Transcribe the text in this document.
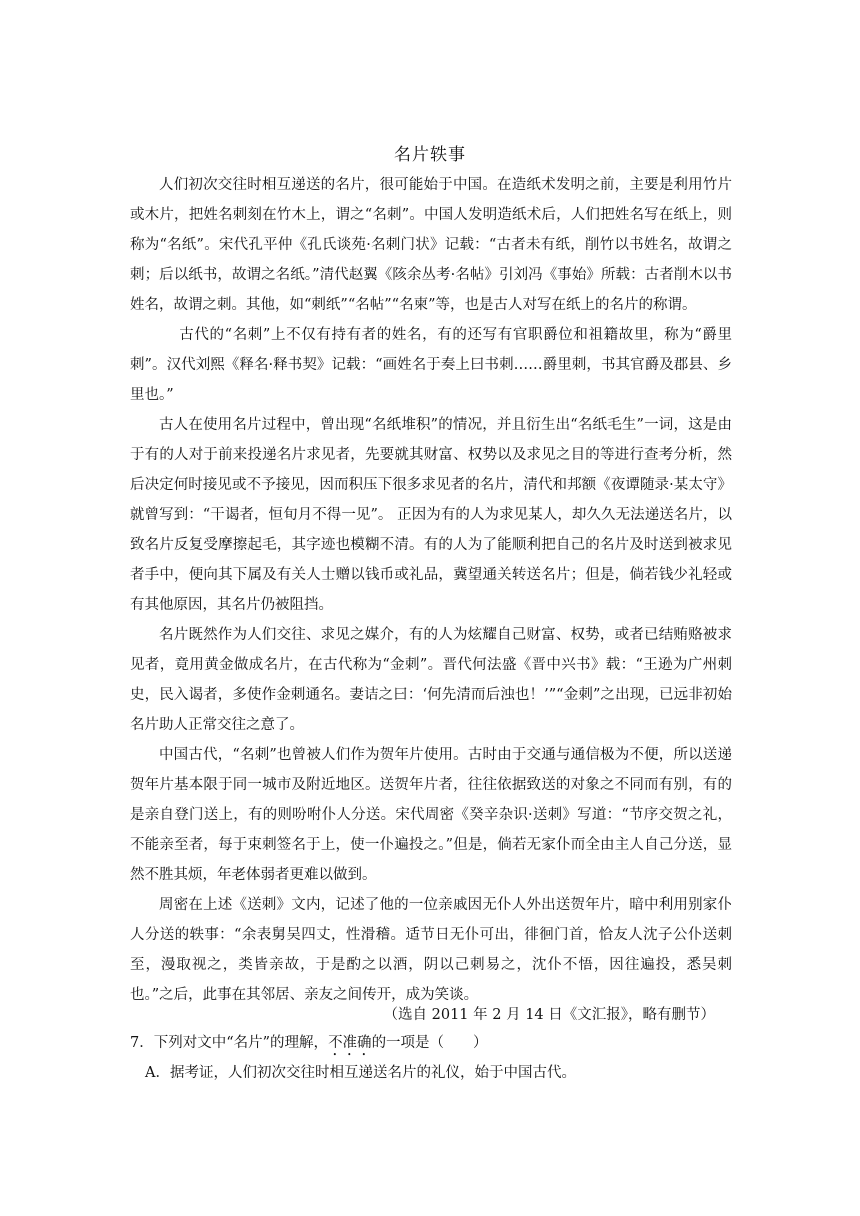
名片轶事

人们初次交往时相互递送的名片，很可能始于中国。在造纸术发明之前，主要是利用竹片或木片，把姓名刺刻在竹木上，谓之“名刺”。中国人发明造纸术后，人们把姓名写在纸上，则称为“名纸”。宋代孔平仲《孔氏谈苑·名刺门状》记载：“古者未有纸，削竹以书姓名，故谓之刺；后以纸书，故谓之名纸。”清代赵翼《陔余丛考·名帖》引刘冯《事始》所载：古者削木以书姓名，故谓之刺。其他，如“刺纸”“名帖”“名柬”等，也是古人对写在纸上的名片的称谓。

古代的“名刺”上不仅有持有者的姓名，有的还写有官职爵位和祖籍故里，称为“爵里刺”。汉代刘熙《释名·释书契》记载：“画姓名于奏上曰书刺……爵里刺，书其官爵及郡县、乡里也。”

古人在使用名片过程中，曾出现“名纸堆积”的情况，并且衍生出“名纸毛生”一词，这是由于有的人对于前来投递名片求见者，先要就其财富、权势以及求见之目的等进行查考分析，然后决定何时接见或不予接见，因而积压下很多求见者的名片，清代和邦额《夜谭随录·某太守》就曾写到：“干谒者，恒旬月不得一见”。 正因为有的人为求见某人，却久久无法递送名片，以致名片反复受摩擦起毛，其字迹也模糊不清。有的人为了能顺利把自己的名片及时送到被求见者手中，便向其下属及有关人士赠以钱币或礼品，冀望通关转送名片；但是，倘若钱少礼轻或有其他原因，其名片仍被阻挡。

名片既然作为人们交往、求见之媒介，有的人为炫耀自己财富、权势，或者已结贿赂被求见者，竟用黄金做成名片，在古代称为“金刺”。晋代何法盛《晋中兴书》载：“王逊为广州刺史，民入谒者，多使作金刺通名。妻诘之曰：‘何先清而后浊也！’”“金刺”之出现，已远非初始名片助人正常交往之意了。

中国古代，“名刺”也曾被人们作为贺年片使用。古时由于交通与通信极为不便，所以送递贺年片基本限于同一城市及附近地区。送贺年片者，往往依据致送的对象之不同而有别，有的是亲自登门送上，有的则吩咐仆人分送。宋代周密《癸辛杂识·送刺》写道：“节序交贺之礼，不能亲至者，每于束刺签名于上，使一仆遍投之。”但是，倘若无家仆而全由主人自己分送，显然不胜其烦，年老体弱者更难以做到。

周密在上述《送刺》文内，记述了他的一位亲戚因无仆人外出送贺年片，暗中利用别家仆人分送的轶事：“余表舅吴四丈，性滑稽。适节日无仆可出，徘徊门首，恰友人沈子公仆送刺至，漫取视之，类皆亲故，于是酌之以酒，阴以己刺易之，沈仆不悟，因往遍投，悉吴刺也。”之后，此事在其邻居、亲友之间传开，成为笑谈。

（选自 2011 年 2 月 14 日《文汇报》，略有删节）
7．下列对文中“名片”的理解，不准确的一项是（　　）
A．据考证，人们初次交往时相互递送名片的礼仪，始于中国古代。
